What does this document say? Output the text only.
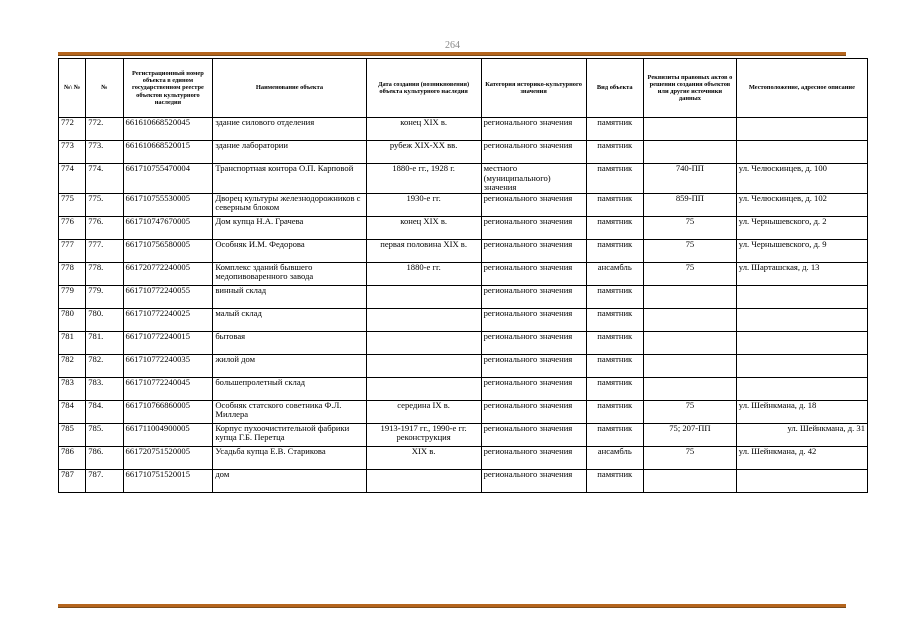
264
№\ №	№	Регистрационный номер объекта в едином государственном реестре объектов культурного наследия	Наименование объекта	Датa создания (возникновения) объекта культурного наследия	Категория историко-культурного значения	Вид объекта	Реквизиты правовых актов о решении создания объектов или другие источники данных	Местоположение, адресное описание
772	772.	661610668520045	здание силового отделения	конец XIX в.	регионального значения	памятник		
773	773.	661610668520015	здание лаборатории	рубеж XIX-XX вв.	регионального значения	памятник		
774	774.	661710755470004	Транспортная контора О.П. Карповой	1880-е гг., 1928 г.	местного (муниципального) значения	памятник	740-ПП	ул. Челюскинцев, д. 100
775	775.	661710755530005	Дворец культуры железнодорожников с северным блоком	1930-е гг.	регионального значения	памятник	859-ПП	ул. Челюскинцев, д. 102
776	776.	661710747670005	Дом купца Н.А. Грачева	конец XIX в.	регионального значения	памятник	75	ул. Чернышевского, д. 2
777	777.	661710756580005	Особняк И.М. Федорова	первая половина XIX в.	регионального значения	памятник	75	ул. Чернышевского, д. 9
778	778.	661720772240005	Комплекс зданий бывшего медопивоваренного завода	1880-е гг.	регионального значения	ансамбль	75	ул. Шарташская, д. 13
779	779.	661710772240055	винный склад		регионального значения	памятник		
780	780.	661710772240025	малый склад		регионального значения	памятник		
781	781.	661710772240015	бытовая		регионального значения	памятник		
782	782.	661710772240035	жилой дом		регионального значения	памятник		
783	783.	661710772240045	большепролетный склад		регионального значения	памятник		
784	784.	661710766860005	Особняк статского советника Ф.Л. Миллера	середина IX в.	регионального значения	памятник	75	ул. Шейнкмана, д. 18
785	785.	661711004900005	Корпус пухоочистительной фабрики купца Г.Б. Перетца	1913-1917 гг., 1990-е гг. реконструкция	регионального значения	памятник	75; 207-ПП	ул. Шейнкмана, д. 31
786	786.	661720751520005	Усадьба купца Е.В. Старикова	XIX в.	регионального значения	ансамбль	75	ул. Шейнкмана, д. 42
787	787.	661710751520015	дом		регионального значения	памятник		
